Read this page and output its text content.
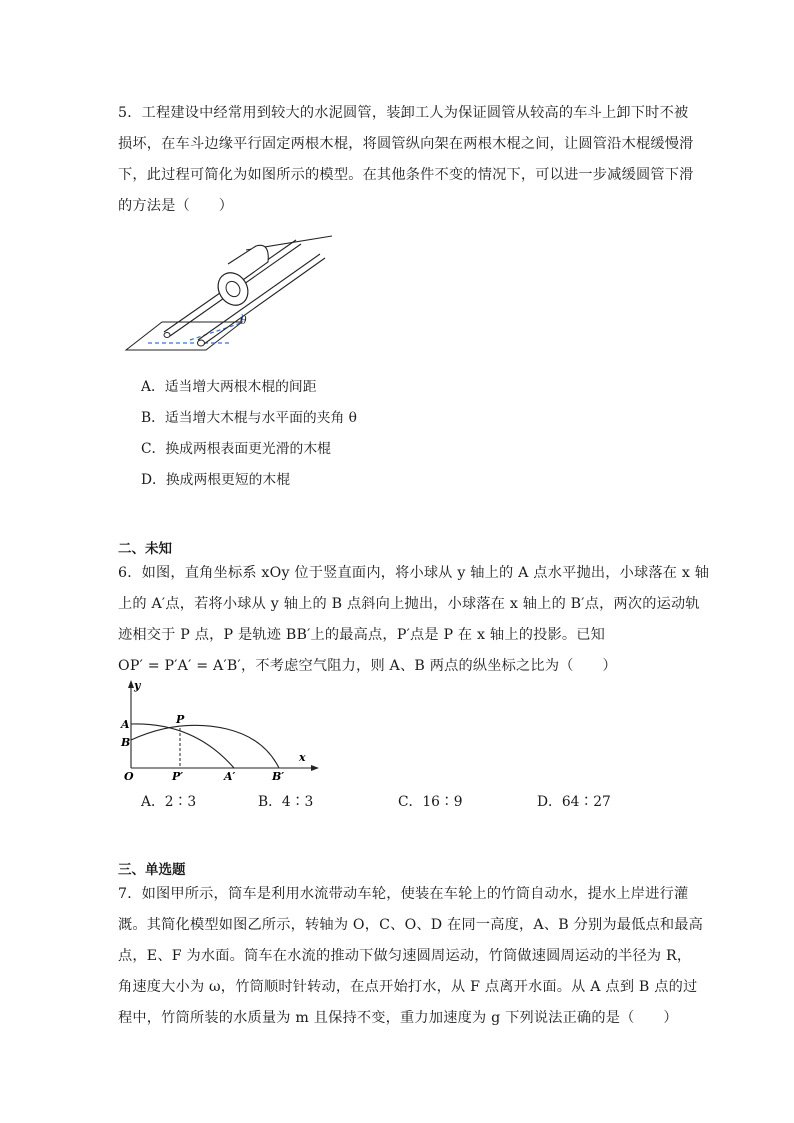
5．工程建设中经常用到较大的水泥圆管，装卸工人为保证圆管从较高的车斗上卸下时不被
损坏，在车斗边缘平行固定两根木棍，将圆管纵向架在两根木棍之间，让圆管沿木棍缓慢滑
下，此过程可简化为如图所示的模型。在其他条件不变的情况下，可以进一步减缓圆管下滑
的方法是（　　）
θ
A．适当增大两根木棍的间距
B．适当增大木棍与水平面的夹角 θ
C．换成两根表面更光滑的木棍
D．换成两根更短的木棍
二、未知
6．如图，直角坐标系 xOy 位于竖直面内，将小球从 y 轴上的 A 点水平抛出，小球落在 x 轴
上的 A′点，若将小球从 y 轴上的 B 点斜向上抛出，小球落在 x 轴上的 B′点，两次的运动轨
迹相交于 P 点，P 是轨迹 BB′上的最高点，P′点是 P 在 x 轴上的投影。已知
OP′ = P′A′ = A′B′，不考虑空气阻力，则 A、B 两点的纵坐标之比为（　　）
y
x
A
B
P
O	P′	A′	B′
A．2∶3	B．4∶3	C．16∶9	D．64∶27
三、单选题
7．如图甲所示，筒车是利用水流带动车轮，使装在车轮上的竹筒自动水，提水上岸进行灌
溉。其简化模型如图乙所示，转轴为 O，C、O、D 在同一高度，A、B 分别为最低点和最高
点，E、F 为水面。筒车在水流的推动下做匀速圆周运动，竹筒做速圆周运动的半径为 R，
角速度大小为 ω，竹筒顺时针转动，在点开始打水，从 F 点离开水面。从 A 点到 B 点的过
程中，竹筒所装的水质量为 m 且保持不变，重力加速度为 g 下列说法正确的是（　　）
